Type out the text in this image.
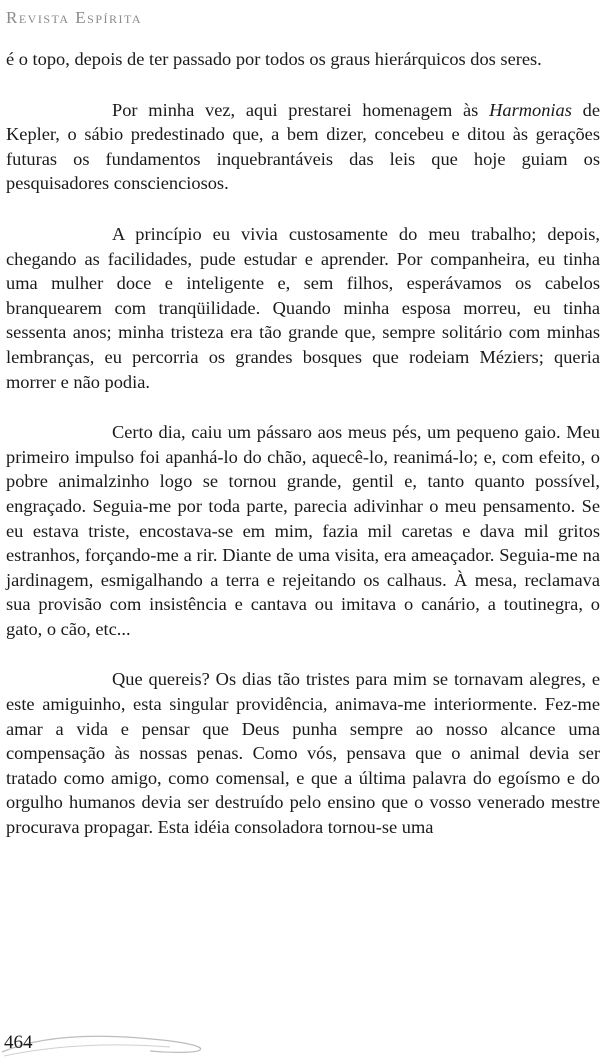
Revista Espírita

é o topo, depois de ter passado por todos os graus hierárquicos dos seres.

Por minha vez, aqui prestarei homenagem às Harmonias de Kepler, o sábio predestinado que, a bem dizer, concebeu e ditou às gerações futuras os fundamentos inquebrantáveis das leis que hoje guiam os pesquisadores conscienciosos.

A princípio eu vivia custosamente do meu trabalho; depois, chegando as facilidades, pude estudar e aprender. Por companheira, eu tinha uma mulher doce e inteligente e, sem filhos, esperávamos os cabelos branquearem com tranqüilidade. Quando minha esposa morreu, eu tinha sessenta anos; minha tristeza era tão grande que, sempre solitário com minhas lembranças, eu percorria os grandes bosques que rodeiam Méziers; queria morrer e não podia.

Certo dia, caiu um pássaro aos meus pés, um pequeno gaio. Meu primeiro impulso foi apanhá-lo do chão, aquecê-lo, reanimá-lo; e, com efeito, o pobre animalzinho logo se tornou grande, gentil e, tanto quanto possível, engraçado. Seguia-me por toda parte, parecia adivinhar o meu pensamento. Se eu estava triste, encostava-se em mim, fazia mil caretas e dava mil gritos estranhos, forçando-me a rir. Diante de uma visita, era ameaçador. Seguia-me na jardinagem, esmigalhando a terra e rejeitando os calhaus. À mesa, reclamava sua provisão com insistência e cantava ou imitava o canário, a toutinegra, o gato, o cão, etc...

Que quereis? Os dias tão tristes para mim se tornavam alegres, e este amiguinho, esta singular providência, animava-me interiormente. Fez-me amar a vida e pensar que Deus punha sempre ao nosso alcance uma compensação às nossas penas. Como vós, pensava que o animal devia ser tratado como amigo, como comensal, e que a última palavra do egoísmo e do orgulho humanos devia ser destruído pelo ensino que o vosso venerado mestre procurava propagar. Esta idéia consoladora tornou-se uma

464
